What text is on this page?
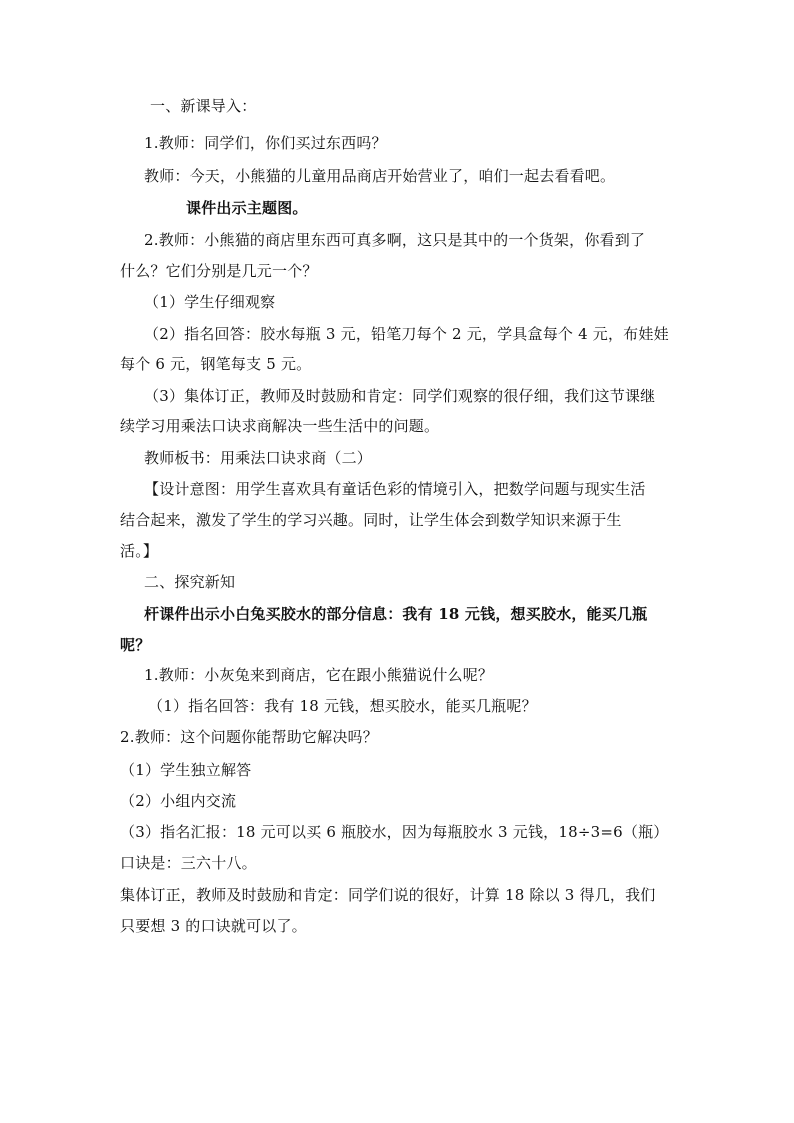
一、新课导入：
1.教师：同学们，你们买过东西吗？
教师：今天，小熊猫的儿童用品商店开始营业了，咱们一起去看看吧。
课件出示主题图。
2.教师：小熊猫的商店里东西可真多啊，这只是其中的一个货架，你看到了
什么？它们分别是几元一个？
（1）学生仔细观察
（2）指名回答：胶水每瓶 3 元，铅笔刀每个 2 元，学具盒每个 4 元，布娃娃
每个 6 元，钢笔每支 5 元。
（3）集体订正，教师及时鼓励和肯定：同学们观察的很仔细，我们这节课继
续学习用乘法口诀求商解决一些生活中的问题。
教师板书：用乘法口诀求商（二）
【设计意图：用学生喜欢具有童话色彩的情境引入，把数学问题与现实生活
结合起来，激发了学生的学习兴趣。同时，让学生体会到数学知识来源于生
活。】
二、探究新知
杆课件出示小白兔买胶水的部分信息：我有 18 元钱，想买胶水，能买几瓶
呢？
1.教师：小灰兔来到商店，它在跟小熊猫说什么呢？
（1）指名回答：我有 18 元钱，想买胶水，能买几瓶呢？
2.教师：这个问题你能帮助它解决吗？
（1）学生独立解答
（2）小组内交流
（3）指名汇报：18 元可以买 6 瓶胶水，因为每瓶胶水 3 元钱，18÷3=6（瓶）
口诀是：三六十八。
集体订正，教师及时鼓励和肯定：同学们说的很好，计算 18 除以 3 得几，我们
只要想 3 的口诀就可以了。
